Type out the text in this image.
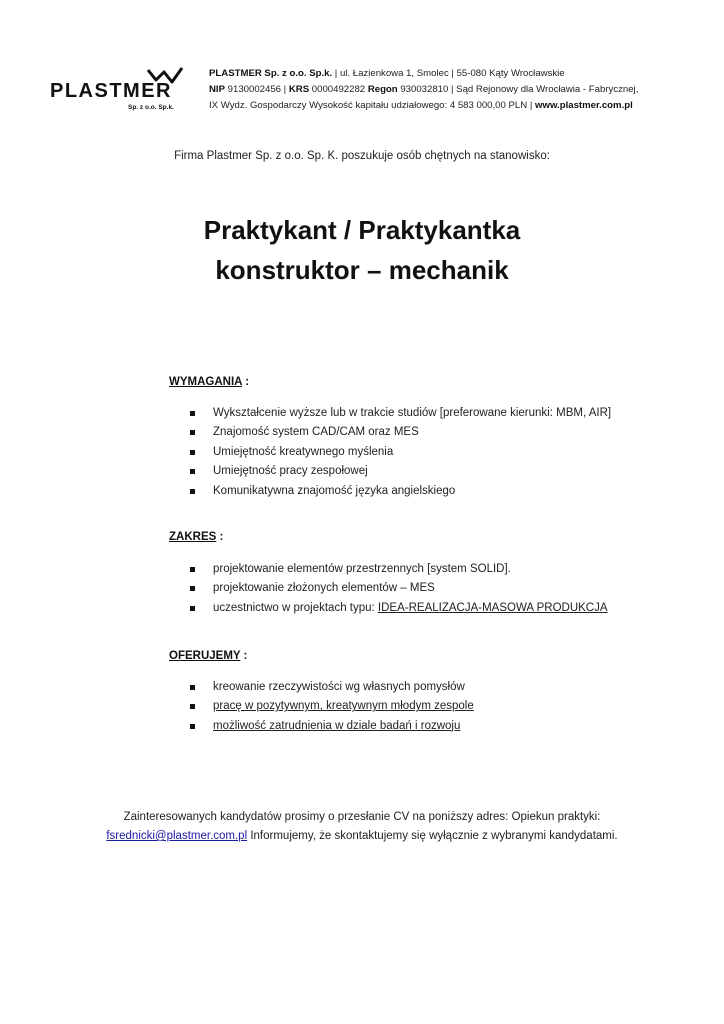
PLASTMER
Sp. z o.o. Sp.k.
PLASTMER Sp. z o.o. Sp.k. | ul. Łazienkowa 1, Smolec | 55-080 Kąty Wrocławskie
NIP 9130002456 | KRS 0000492282 Regon 930032810 | Sąd Rejonowy dla Wrocławia - Fabrycznej,
IX Wydz. Gospodarczy Wysokość kapitału udziałowego: 4 583 000,00 PLN | www.plastmer.com.pl
Firma Plastmer Sp. z o.o. Sp. K. poszukuje osób chętnych na stanowisko:
Praktykant / Praktykantka
konstruktor – mechanik
WYMAGANIA :
Wykształcenie wyższe lub w trakcie studiów [preferowane kierunki: MBM, AIR]
Znajomość system CAD/CAM oraz MES
Umiejętność kreatywnego myślenia
Umiejętność pracy zespołowej
Komunikatywna znajomość języka angielskiego
ZAKRES :
projektowanie elementów przestrzennych [system SOLID].
projektowanie złożonych elementów – MES
uczestnictwo w projektach typu: IDEA-REALIZACJA-MASOWA PRODUKCJA
OFERUJEMY :
kreowanie rzeczywistości wg własnych pomysłów
pracę w pozytywnym, kreatywnym młodym zespole
możliwość zatrudnienia w dziale badań i rozwoju
Zainteresowanych kandydatów prosimy o przesłanie CV na poniższy adres: Opiekun praktyki:
fsrednicki@plastmer.com.pl Informujemy, że skontaktujemy się wyłącznie z wybranymi kandydatami.
